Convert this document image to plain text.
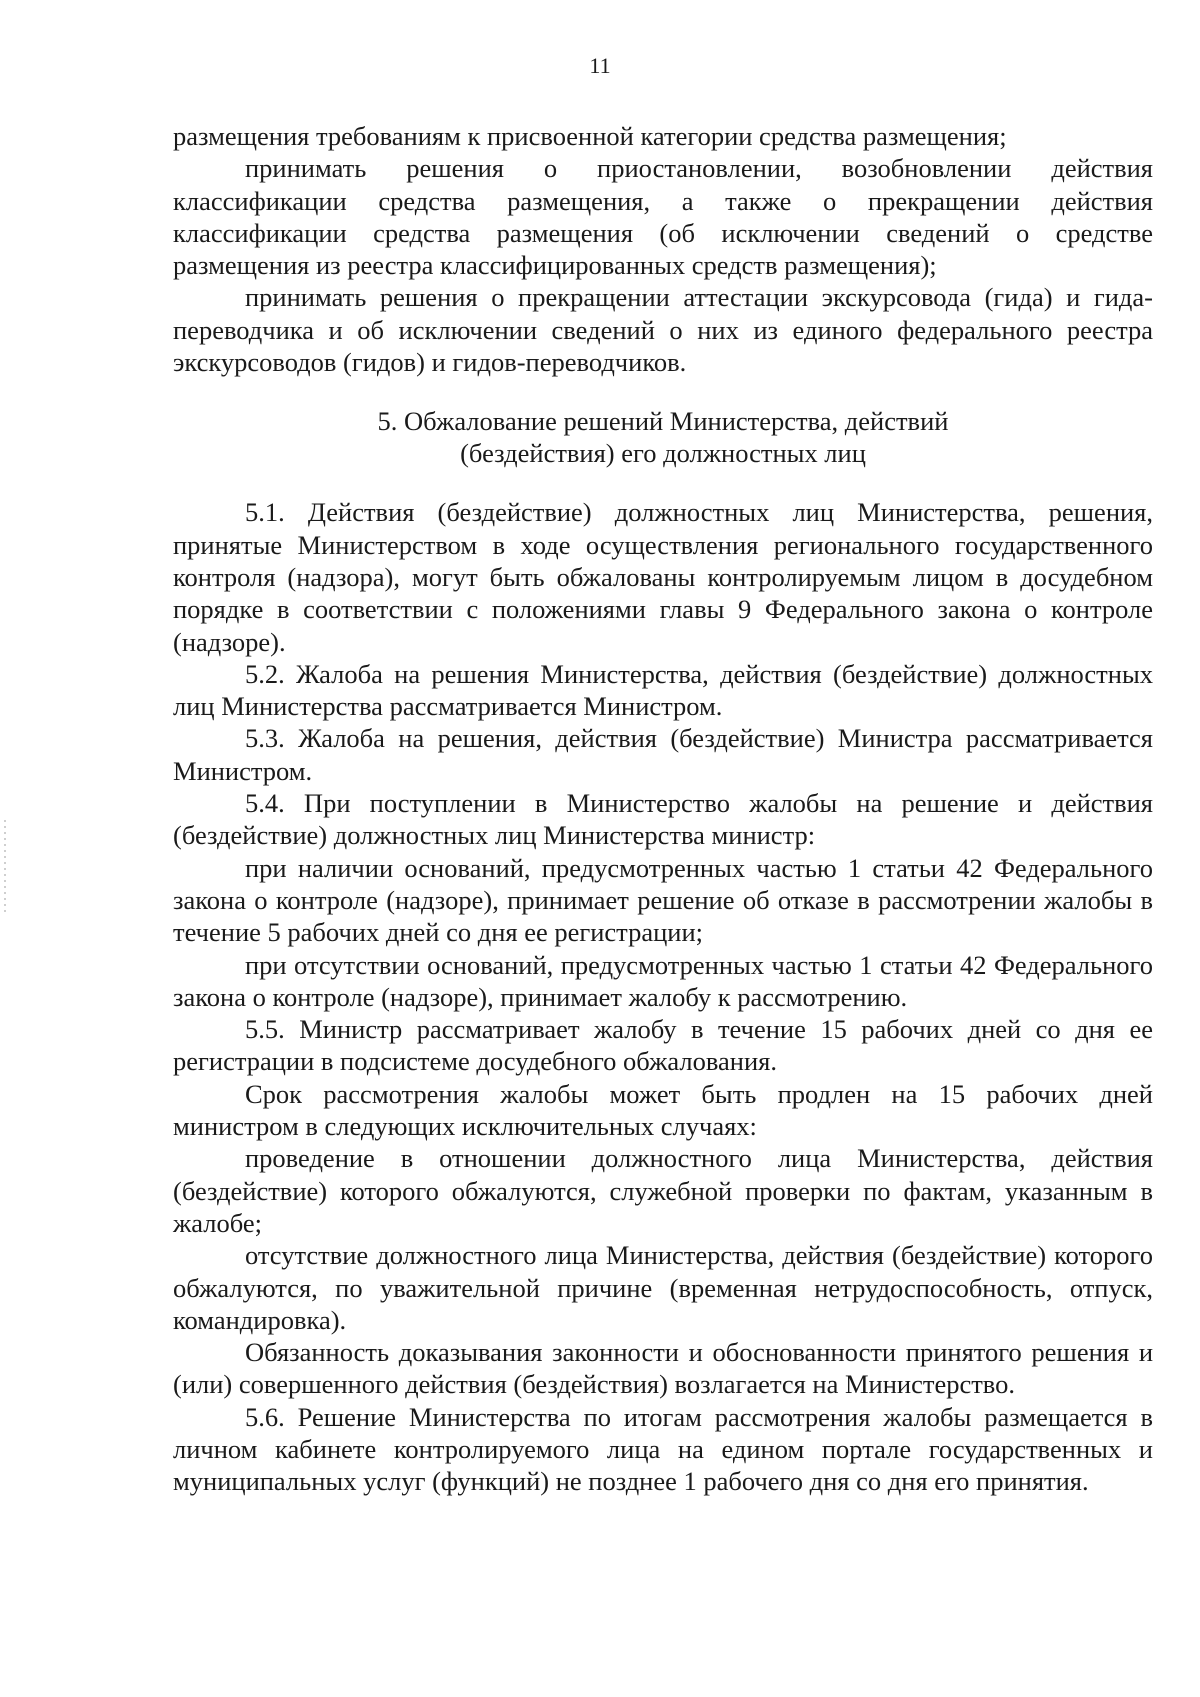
11

размещения требованиям к присвоенной категории средства размещения;

принимать решения о приостановлении, возобновлении действия классификации средства размещения, а также о прекращении действия классификации средства размещения (об исключении сведений о средстве размещения из реестра классифицированных средств размещения);

принимать решения о прекращении аттестации экскурсовода (гида) и гида-переводчика и об исключении сведений о них из единого федерального реестра экскурсоводов (гидов) и гидов-переводчиков.

5. Обжалование решений Министерства, действий
(бездействия) его должностных лиц

5.1. Действия (бездействие) должностных лиц Министерства, решения, принятые Министерством в ходе осуществления регионального государственного контроля (надзора), могут быть обжалованы контролируемым лицом в досудебном порядке в соответствии с положениями главы 9 Федерального закона о контроле (надзоре).

5.2. Жалоба на решения Министерства, действия (бездействие) должностных лиц Министерства рассматривается Министром.

5.3. Жалоба на решения, действия (бездействие) Министра рассматривается Министром.

5.4. При поступлении в Министерство жалобы на решение и действия (бездействие) должностных лиц Министерства министр:

при наличии оснований, предусмотренных частью 1 статьи 42 Федерального закона о контроле (надзоре), принимает решение об отказе в рассмотрении жалобы в течение 5 рабочих дней со дня ее регистрации;

при отсутствии оснований, предусмотренных частью 1 статьи 42 Федерального закона о контроле (надзоре), принимает жалобу к рассмотрению.

5.5. Министр рассматривает жалобу в течение 15 рабочих дней со дня ее регистрации в подсистеме досудебного обжалования.

Срок рассмотрения жалобы может быть продлен на 15 рабочих дней министром в следующих исключительных случаях:

проведение в отношении должностного лица Министерства, действия (бездействие) которого обжалуются, служебной проверки по фактам, указанным в жалобе;

отсутствие должностного лица Министерства, действия (бездействие) которого обжалуются, по уважительной причине (временная нетрудоспособность, отпуск, командировка).

Обязанность доказывания законности и обоснованности принятого решения и (или) совершенного действия (бездействия) возлагается на Министерство.

5.6. Решение Министерства по итогам рассмотрения жалобы размещается в личном кабинете контролируемого лица на едином портале государственных и муниципальных услуг (функций) не позднее 1 рабочего дня со дня его принятия.
